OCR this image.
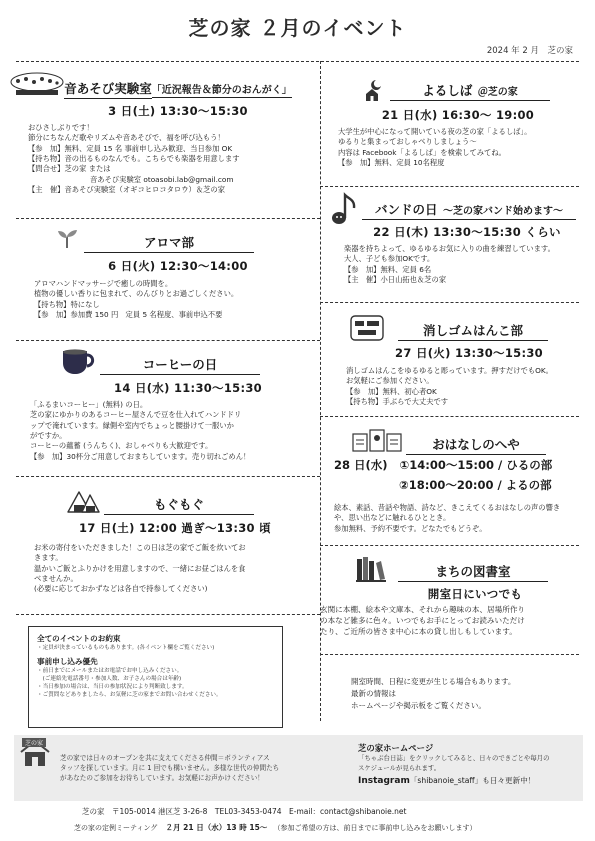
芝の家 ２月のイベント
2024 年 2 月　芝の家
音あそび実験室「近況報告＆節分のおんがく」
3 日(土) 13:30〜15:30

おひさしぶりです！

節分にちなんだ歌やリズムや音あそびで、福を呼び込もう！

【参　加】無料、定員 15 名 事前申し込み歓迎、当日参加 OK

【持ち物】音の出るものなんでも。こちらでも楽器を用意します

【問合せ】芝の家 または

音あそび実験室 otoasobi.lab@gmail.com

【主　催】音あそび実験室（オギコヒロコタロウ）＆芝の家

アロマ部
6 日(火) 12:30〜14:00

アロマハンドマッサージで癒しの時間を。

植物の優しい香りに包まれて、のんびりとお過ごしください。

【持ち物】特になし

【参　加】参加費 150 円　定員 5 名程度、事前申込不要

コーヒーの日
14 日(水) 11:30〜15:30

「ふるまいコーヒー」(無料) の日。

芝の家にゆかりのあるコーヒー屋さんで豆を仕入れてハンドドリ

ップで淹れています。縁側や室内でちょっと腰掛けて一服いか

がですか。

コーヒーの蘊蓄 (うんちく)、おしゃべりも大歓迎です。

【参　加】30杯分ご用意しておまちしています。売り切れごめん！

もぐもぐ
17 日(土) 12:00 過ぎ〜13:30 頃

お米の寄付をいただきました！この日は芝の家でご飯を炊いてお

きます。

温かいご飯とふりかけを用意しますので、一緒にお昼ごはんを食

べませんか。

(必要に応じておかずなどは各自で持参してください)

全てのイベントのお約束
・定員が決まっているものもあります。(各イベント欄をご覧ください)
事前申し込み優先
・前日までにメールまたはお電話でお申し込みください。
　(ご連絡先電話番号・参加人数、お子さんの場合は年齢)
・当日参加の場合は、当日の参加状況により判断致します。
・ご質問などありましたら、お気軽に芝の家までお問い合わせください。
よるしば ＠芝の家
21 日(水) 16:30〜 19:00

大学生が中心になって開いている夜の芝の家「よるしば」。

ゆるりと集まっておしゃべりしましょう〜

内容は Facebook「よるしば」を検索してみてね。

【参　加】無料、定員 10名程度

バンドの日 〜芝の家バンド始めます〜
22 日(木) 13:30〜15:30 くらい

楽器を持ちよって、ゆるゆるお気に入りの曲を練習しています。

大人、子ども参加OKです。

【参　加】無料、定員 6名

【主　催】小日山拓也＆芝の家

消しゴムはんこ部
27 日(火) 13:30〜15:30

消しゴムはんこをゆるゆると彫っています。押すだけでもOK。

お気軽にご参加ください。

【参　加】無料、初心者OK

【持ち物】手ぶらで大丈夫です

おはなしのへや
28 日(水) ①14:00〜15:00 / ひるの部
②18:00〜20:00 / よるの部

絵本、素話、昔話や物語、詩など、きこえてくるおはなしの声の響き

や、思い出などに触れるひととき。

参加無料、予約不要です。どなたでもどうぞ。

まちの図書室
開室日にいつでも

玄関に本棚、絵本や文庫本、それから趣味の本、居場所作り

の本など雑多に色々。いつでもお手にとってお読みいただけ

たり、ご近所の皆さま中心に本の貸し出しもしています。

開室時間、日程に変更が生じる場合もあります。

最新の情報は

ホームページや掲示板をご覧ください。

芝の家

芝の家では日々のオープンを共に支えてくださる仲間＝ボランティアス

タッフを探しています。月に 1 回でも構いません。多様な世代の仲間たち

があなたのご参加をお待ちしています。お気軽にお声かけください！

芝の家ホームページ
「ちゃぶ台日誌」をクリックしてみると、日々のできごとや毎月の
スケジュールが見られます。
Instagram「shibanoie_staff」も日々更新中！
芝の家　〒105-0014 港区芝 3-26-8　TEL03-3453-0474　E-mail：contact@shibanoie.net
芝の家の定例ミーティング ２月 21 日（水）13 時 15〜 （参加ご希望の方は、前日までに事前申し込みをお願いします）
